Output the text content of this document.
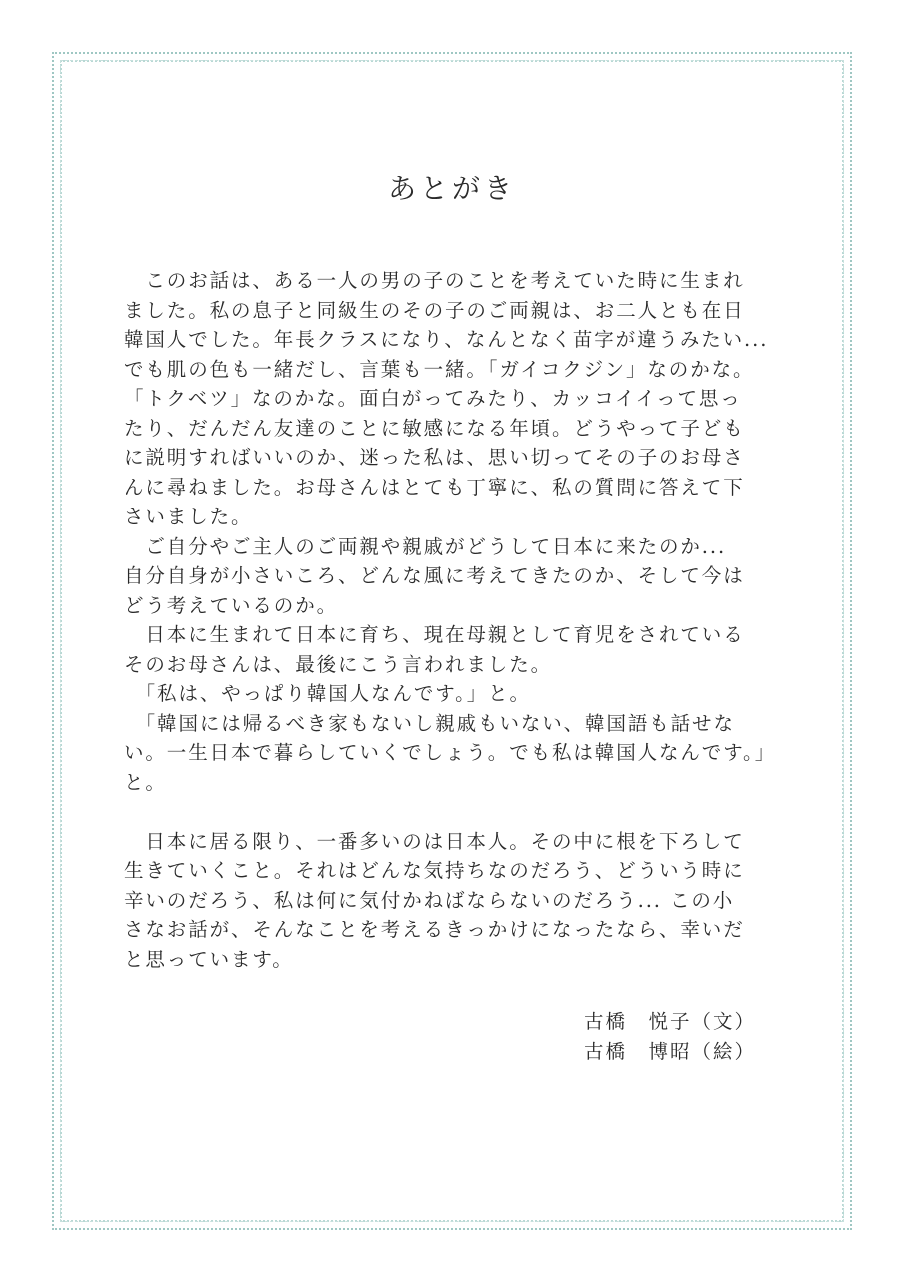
あとがき
　このお話は、ある一人の男の子のことを考えていた時に生まれ
ました。私の息子と同級生のその子のご両親は、お二人とも在日
韓国人でした。年長クラスになり、なんとなく苗字が違うみたい...
でも肌の色も一緒だし、言葉も一緒。「ガイコクジン」なのかな。
「トクベツ」なのかな。面白がってみたり、カッコイイって思っ
たり、だんだん友達のことに敏感になる年頃。どうやって子ども
に説明すればいいのか、迷った私は、思い切ってその子のお母さ
んに尋ねました。お母さんはとても丁寧に、私の質問に答えて下
さいました。
　ご自分やご主人のご両親や親戚がどうして日本に来たのか...
自分自身が小さいころ、どんな風に考えてきたのか、そして今は
どう考えているのか。
　日本に生まれて日本に育ち、現在母親として育児をされている
そのお母さんは、最後にこう言われました。
　「私は、やっぱり韓国人なんです。」と。
　「韓国には帰るべき家もないし親戚もいない、韓国語も話せな
い。一生日本で暮らしていくでしょう。でも私は韓国人なんです。」
と。
　日本に居る限り、一番多いのは日本人。その中に根を下ろして
生きていくこと。それはどんな気持ちなのだろう、どういう時に
辛いのだろう、私は何に気付かねばならないのだろう... この小
さなお話が、そんなことを考えるきっかけになったなら、幸いだ
と思っています。
古橋　悦子（文）
古橋　博昭（絵）
